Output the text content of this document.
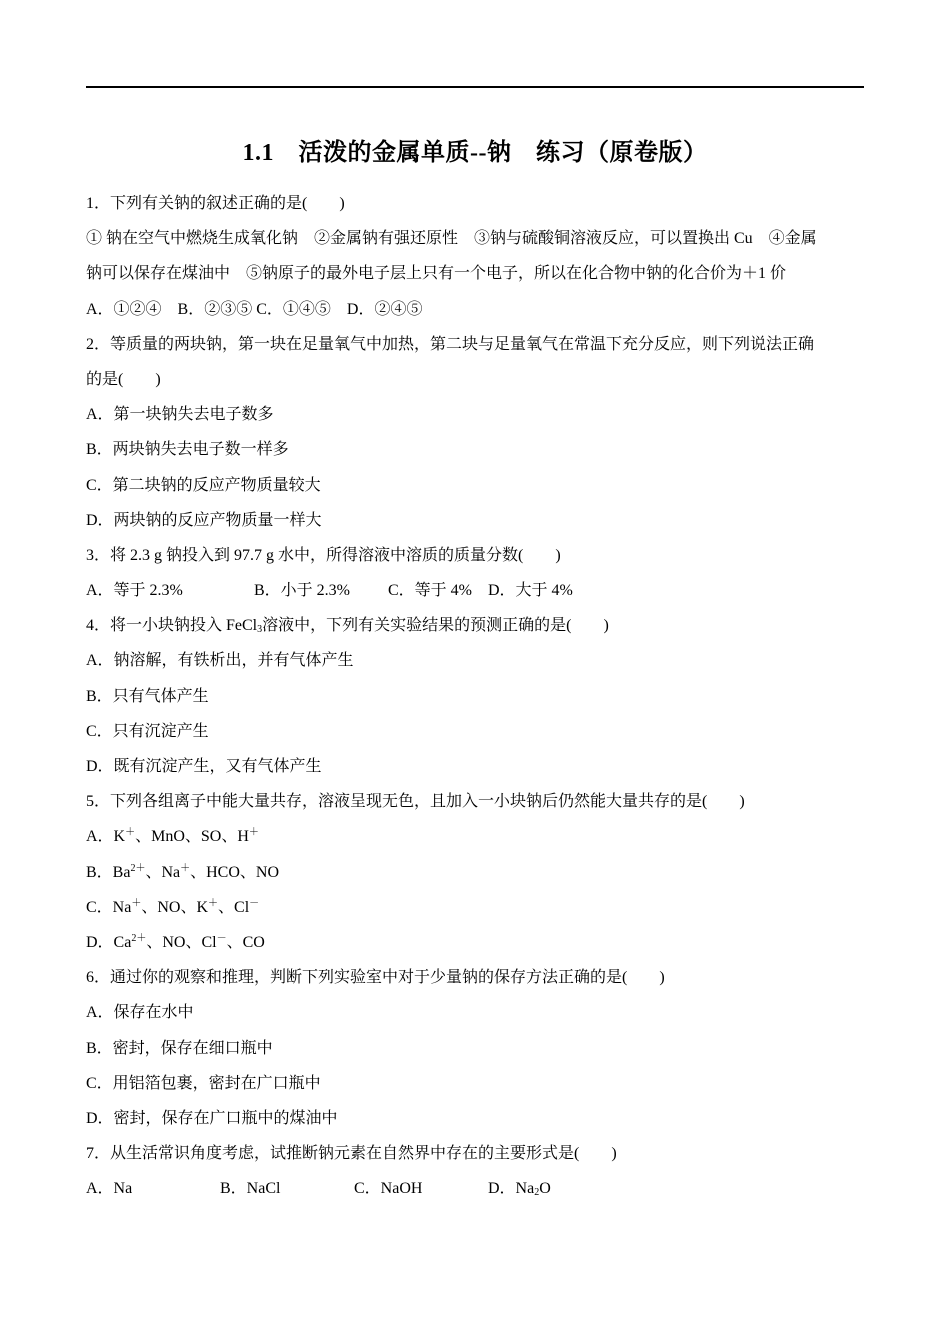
1.1　活泼的金属单质--钠　练习（原卷版）
1．下列有关钠的叙述正确的是(　　)
① 钠在空气中燃烧生成氧化钠　②金属钠有强还原性　③钠与硫酸铜溶液反应，可以置换出 Cu　④金属
钠可以保存在煤油中　⑤钠原子的最外电子层上只有一个电子，所以在化合物中钠的化合价为＋1 价
A．①②④　B．②③⑤ C．①④⑤　D．②④⑤
2．等质量的两块钠，第一块在足量氧气中加热，第二块与足量氧气在常温下充分反应，则下列说法正确
的是(　　)
A．第一块钠失去电子数多
B．两块钠失去电子数一样多
C．第二块钠的反应产物质量较大
D．两块钠的反应产物质量一样大
3．将 2.3 g 钠投入到 97.7 g 水中，所得溶液中溶质的质量分数(　　)
A．等于 2.3%	B．小于 2.3% C．等于 4% D．大于 4%
4．将一小块钠投入 FeCl$_3$溶液中，下列有关实验结果的预测正确的是(　　)
A．钠溶解，有铁析出，并有气体产生
B．只有气体产生
C．只有沉淀产生
D．既有沉淀产生，又有气体产生
5．下列各组离子中能大量共存，溶液呈现无色，且加入一小块钠后仍然能大量共存的是(　　)
A．K＋、MnO、SO、H＋
B．$Ba^{2+}$、Na＋、HCO、NO
C．Na＋、NO、K＋、Cl－
D．$Ca^{2+}$、NO、Cl－、CO
6．通过你的观察和推理，判断下列实验室中对于少量钠的保存方法正确的是(　　)
A．保存在水中
B．密封，保存在细口瓶中
C．用铝箔包裹，密封在广口瓶中
D．密封，保存在广口瓶中的煤油中
7．从生活常识角度考虑，试推断钠元素在自然界中存在的主要形式是(　　)
A．Na	B．NaCl	C．NaOH	D．$Na_2O$
